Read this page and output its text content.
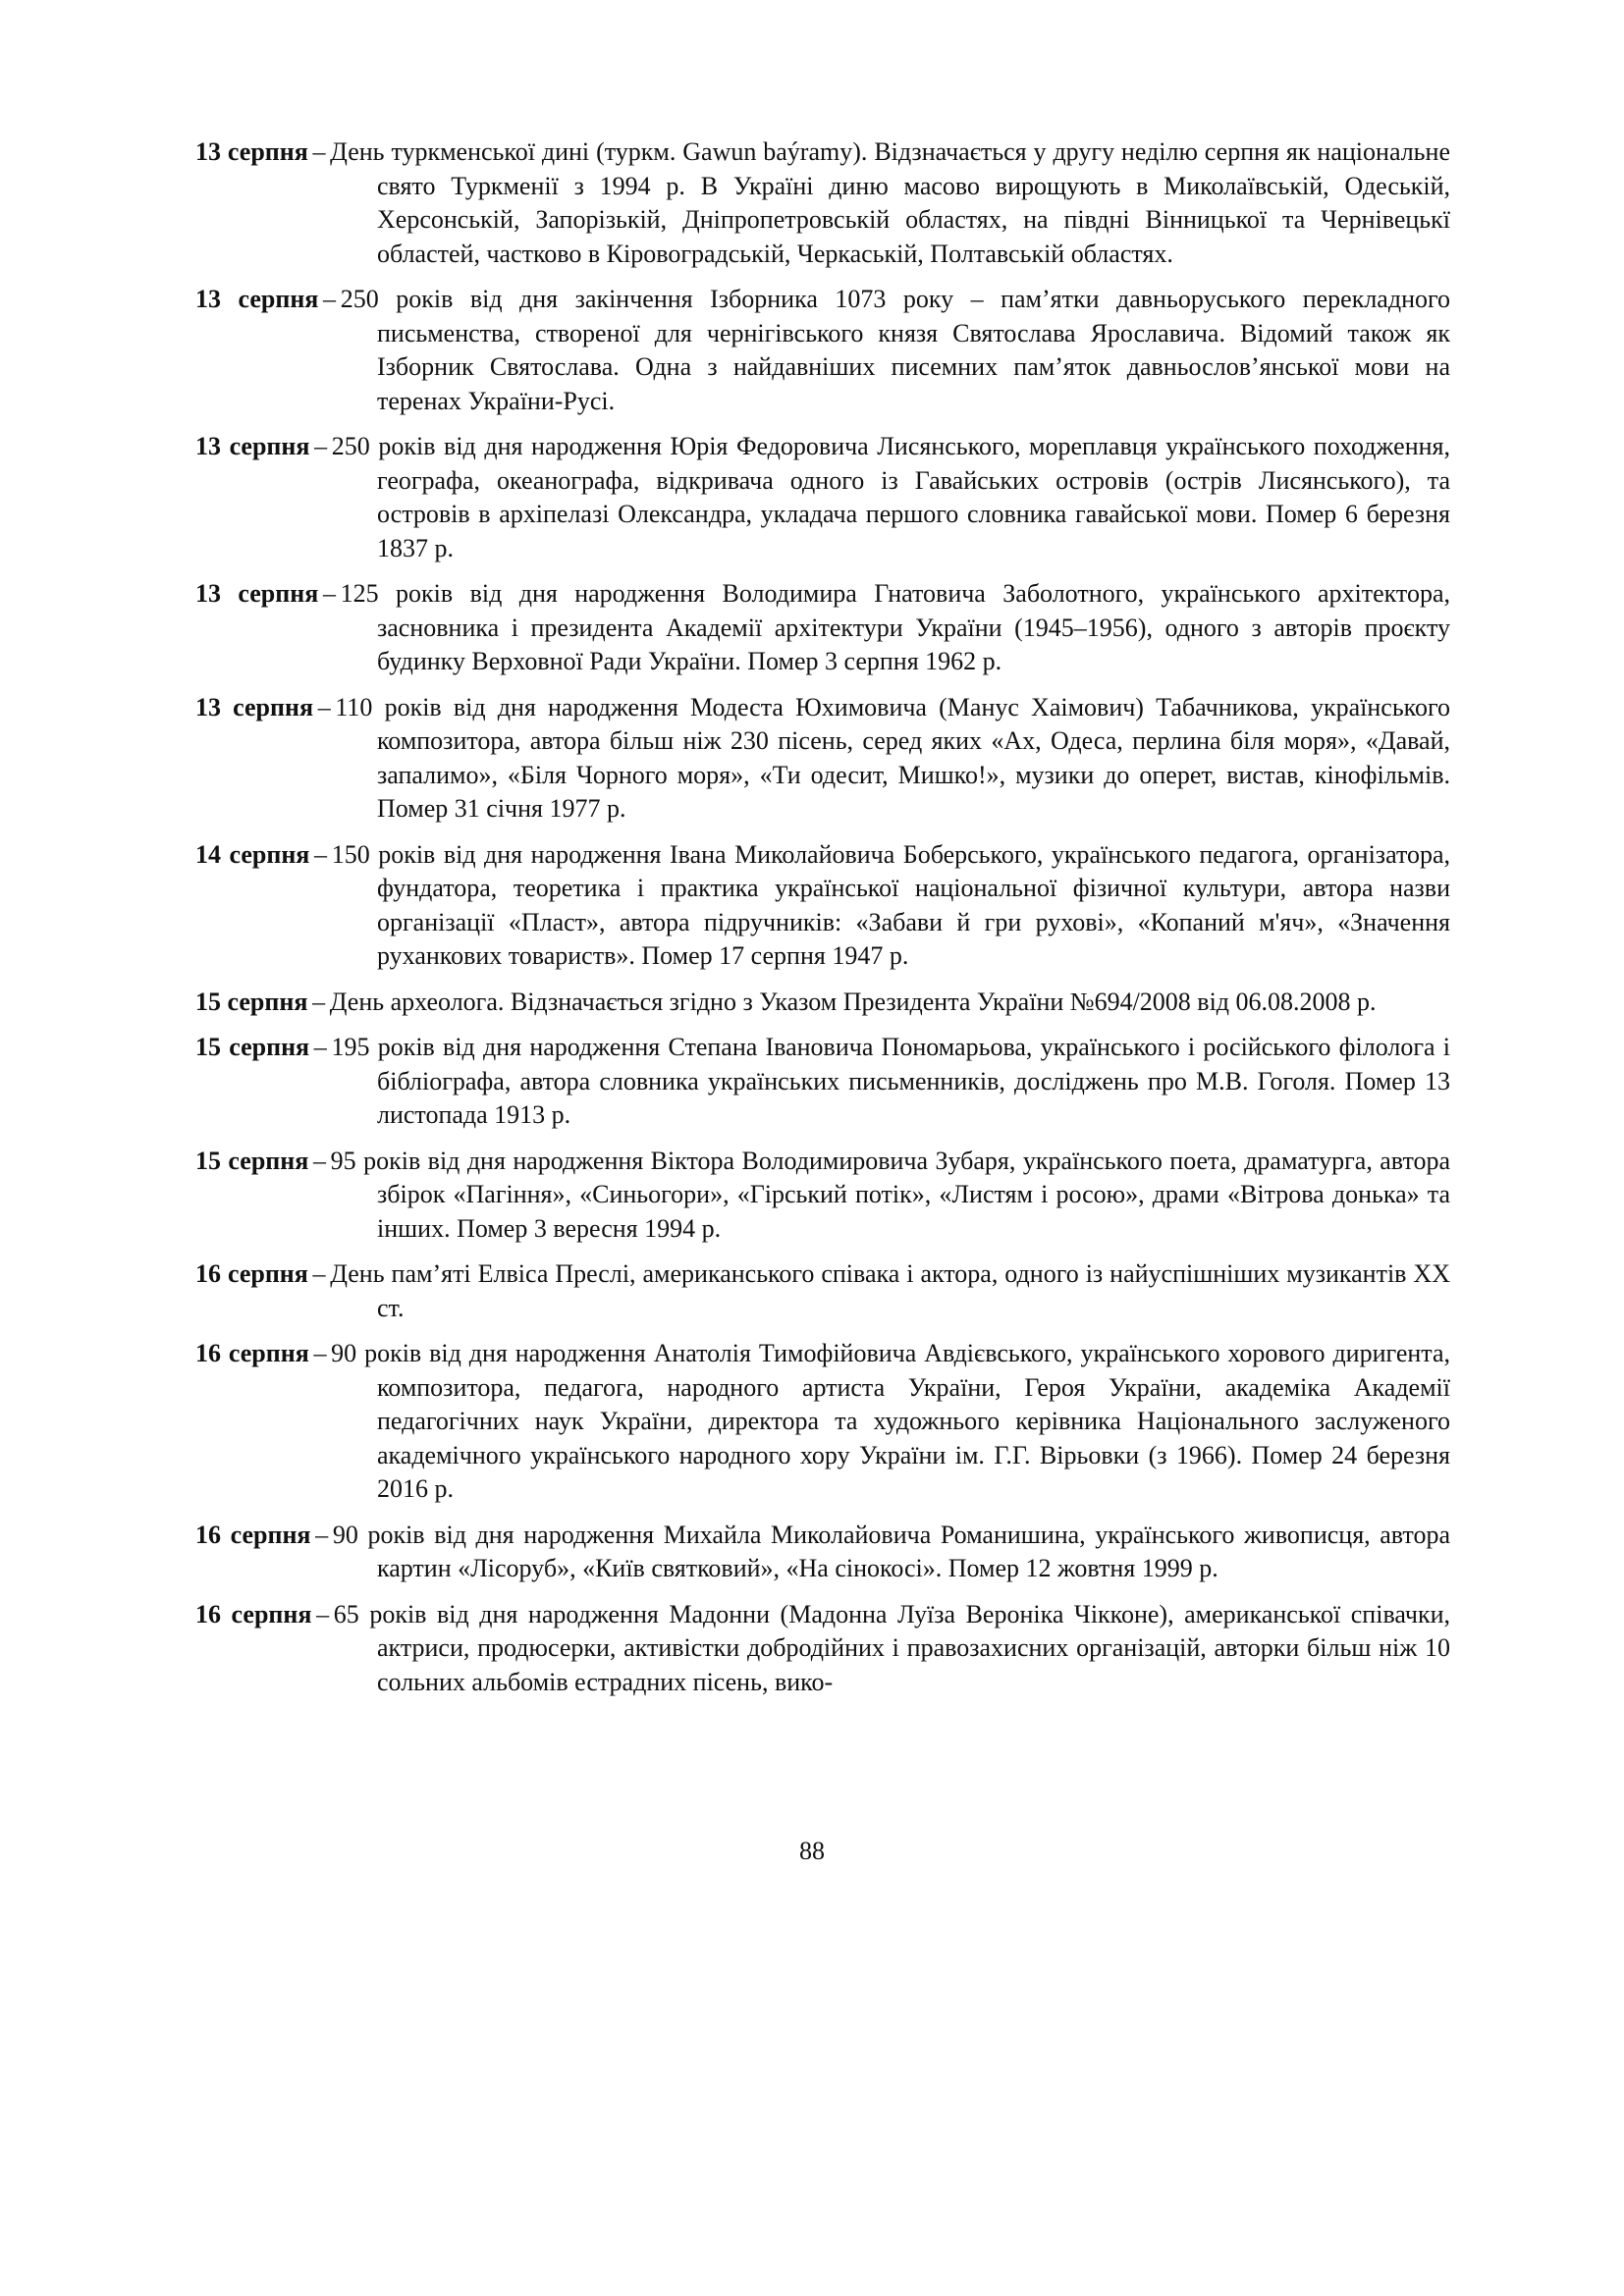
13 серпня – День туркменської дині (туркм. Gawun baýramy). Відзначається у другу неділю серпня як національне свято Туркменії з 1994 р. В Україні диню масово вирощують в Миколаївській, Одеській, Херсонській, Запорізькій, Дніпропетровській областях, на півдні Вінницької та Чернівецькї областей, частково в Кіровоградській, Черкаській, Полтавській областях.

13 серпня – 250 років від дня закінчення Ізборника 1073 року – пам’ятки давньоруського перекладного письменства, створеної для чернігівського князя Святослава Ярославича. Відомий також як Ізборник Святослава. Одна з найдавніших писемних пам’яток давньослов’янської мови на теренах України-Русі.

13 серпня – 250 років від дня народження Юрія Федоровича Лисянського, мореплавця українського походження, географа, океанографа, відкривача одного із Гавайських островів (острів Лисянського), та островів в архіпелазі Олександра, укладача першого словника гавайської мови. Помер 6 березня 1837 р.

13 серпня – 125 років від дня народження Володимира Гнатовича Заболотного, українського архітектора, засновника і президента Академії архітектури України (1945–1956), одного з авторів проєкту будинку Верховної Ради України. Помер 3 серпня 1962 р.

13 серпня – 110 років від дня народження Модеста Юхимовича (Манус Хаімович) Табачникова, українського композитора, автора більш ніж 230 пісень, серед яких «Ах, Одеса, перлина біля моря», «Давай, запалимо», «Біля Чорного моря», «Ти одесит, Мишко!», музики до оперет, вистав, кінофільмів. Помер 31 січня 1977 р.

14 серпня – 150 років від дня народження Івана Миколайовича Боберського, українського педагога, організатора, фундатора, теоретика і практика української національної фізичної культури, автора назви організації «Пласт», автора підручників: «Забави й гри рухові», «Копаний м'яч», «Значення руханкових товариств». Помер 17 серпня 1947 р.

15 серпня – День археолога. Відзначається згідно з Указом Президента України №694/2008 від 06.08.2008 р.

15 серпня – 195 років від дня народження Степана Івановича Пономарьова, українського і російського філолога і бібліографа, автора словника українських письменників, досліджень про М.В. Гоголя. Помер 13 листопада 1913 р.

15 серпня – 95 років від дня народження Віктора Володимировича Зубаря, українського поета, драматурга, автора збірок «Пагіння», «Синьогори», «Гірський потік», «Листям і росою», драми «Вітрова донька» та інших. Помер 3 вересня 1994 р.

16 серпня – День пам’яті Елвіса Преслі, американського співака і актора, одного із найуспішніших музикантів XX ст.

16 серпня – 90 років від дня народження Анатолія Тимофійовича Авдієвського, українського хорового диригента, композитора, педагога, народного артиста України, Героя України, академіка Академії педагогічних наук України, директора та художнього керівника Національного заслуженого академічного українського народного хору України ім. Г.Г. Вірьовки (з 1966). Помер 24 березня 2016 р.

16 серпня – 90 років від дня народження Михайла Миколайовича Романишина, українського живописця, автора картин «Лісоруб», «Київ святковий», «На сінокосі». Помер 12 жовтня 1999 р.

16 серпня – 65 років від дня народження Мадонни (Мадонна Луїза Вероніка Чікконе), американської співачки, актриси, продюсерки, активістки добродійних і правозахисних організацій, авторки більш ніж 10 сольних альбомів естрадних пісень, вико-

88
